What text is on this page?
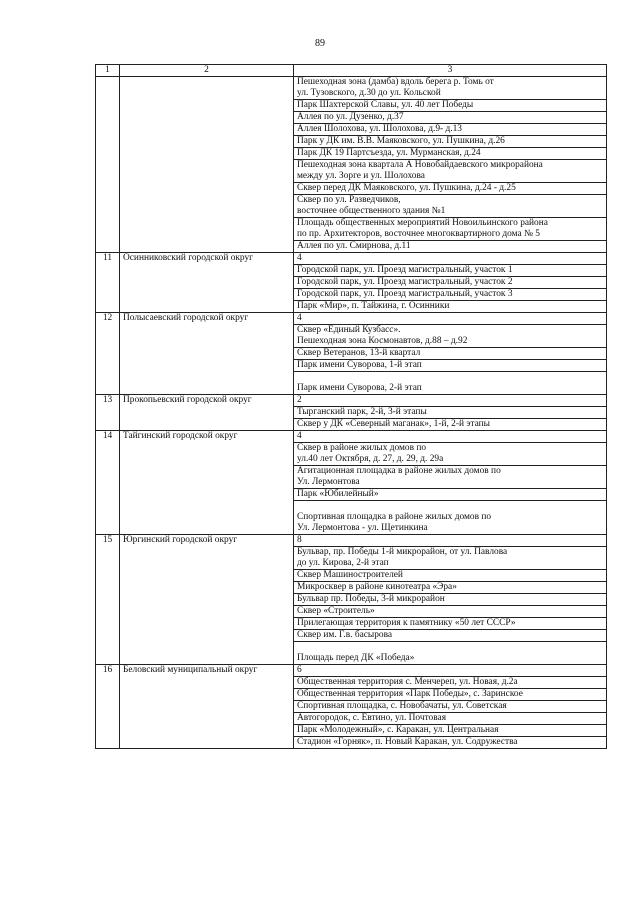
89
1	2	3
		Пешеходная зона (дамба) вдоль берега р. Томь от
ул. Тузовского, д.30 до ул. Кольской
		Парк Шахтерской Славы, ул. 40 лет Победы
		Аллея по ул. Дузенко, д.37
		Аллея Шолохова, ул. Шолохова, д.9- д.13
		Парк у ДК им. В.В. Маяковского, ул. Пушкина, д.26
		Парк ДК 19 Партсъезда, ул. Мурманская, д.24
		Пешеходная зона квартала А Новобайдаевского микрорайона
между ул. Зорге и ул. Шолохова
		Сквер перед ДК Маяковского, ул. Пушкина, д.24 - д.25
		Сквер по ул. Разведчиков,
восточнее общественного здания №1
		Площадь общественных мероприятий Новоильинского района
по пр. Архитекторов, восточнее многоквартирного дома № 5
		Аллея по ул. Смирнова, д.11
11	Осинниковский городской округ	4
		Городской парк, ул. Проезд магистральный, участок 1
		Городской парк, ул. Проезд магистральный, участок 2
		Городской парк, ул. Проезд магистральный, участок 3
		Парк «Мир», п. Тайжина, г. Осинники
12	Полысаевский городской округ	4
		Сквер «Единый Кузбасс».
Пешеходная зона Космонавтов, д.88 – д.92
		Сквер Ветеранов, 13-й квартал
		Парк имени Суворова, 1-й этап

Парк имени Суворова, 2-й этап
13	Прокопьевский городской округ	2
		Тырганский парк, 2-й, 3-й этапы
		Сквер у ДК «Северный маганак», 1-й, 2-й этапы
14	Тайгинский городской округ	4
		Сквер в районе жилых домов по
ул.40 лет Октября, д. 27, д. 29, д. 29а
		Агитационная площадка в районе жилых домов по
Ул. Лермонтова
		Парк «Юбилейный»

Спортивная площадка в районе жилых домов по
Ул. Лермонтова - ул. Щетинкина
15	Юргинский городской округ	8
		Бульвар, пр. Победы 1-й микрорайон, от ул. Павлова
до ул. Кирова, 2-й этап
		Сквер Машиностроителей
		Микросквер в районе кинотеатра «Эра»
		Бульвар пр. Победы, 3-й микрорайон
		Сквер «Строитель»
		Прилегающая территория к памятнику «50 лет СССР»
		Сквер им. Г.в. басырова

Площадь перед ДК «Победа»
16	Беловский муниципальный округ	6
		Общественная территория с. Менчереп, ул. Новая, д.2а
		Общественная территория «Парк Победы», с. Заринское
		Спортивная площадка, с. Новобачаты, ул. Советская
		Автогородок, с. Евтино, ул. Почтовая
		Парк «Молодежный», с. Каракан, ул. Центральная
		Стадион «Горняк», п. Новый Каракан, ул. Содружества
